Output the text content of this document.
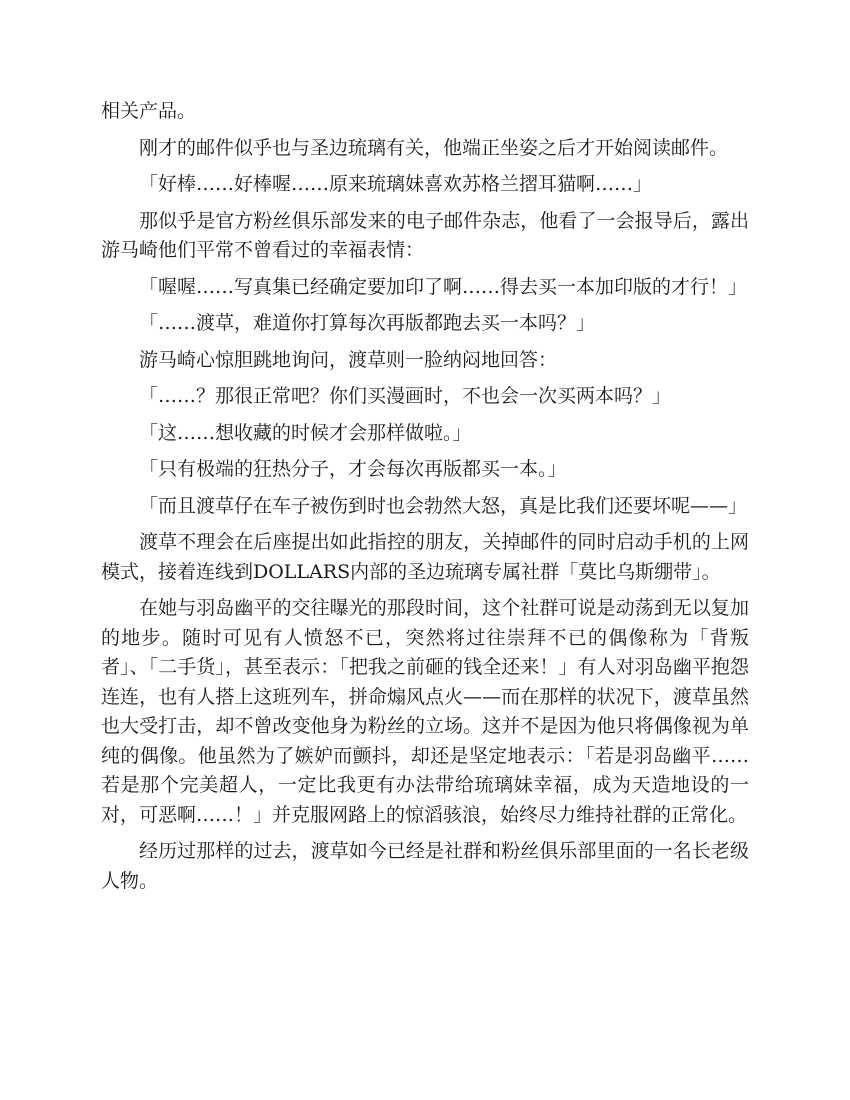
相关产品。

刚才的邮件似乎也与圣边琉璃有关，他端正坐姿之后才开始阅读邮件。

「好棒……好棒喔……原来琉璃妹喜欢苏格兰摺耳猫啊……」

那似乎是官方粉丝俱乐部发来的电子邮件杂志，他看了一会报导后，露出游马崎他们平常不曾看过的幸福表情：

「喔喔……写真集已经确定要加印了啊……得去买一本加印版的才行！」

「……渡草，难道你打算每次再版都跑去买一本吗？」

游马崎心惊胆跳地询问，渡草则一脸纳闷地回答：

「……？那很正常吧？你们买漫画时，不也会一次买两本吗？」

「这……想收藏的时候才会那样做啦。」

「只有极端的狂热分子，才会每次再版都买一本。」

「而且渡草仔在车子被伤到时也会勃然大怒，真是比我们还要坏呢——」

渡草不理会在后座提出如此指控的朋友，关掉邮件的同时启动手机的上网模式，接着连线到DOLLARS内部的圣边琉璃专属社群「莫比乌斯绷带」。

在她与羽岛幽平的交往曝光的那段时间，这个社群可说是动荡到无以复加的地步。随时可见有人愤怒不已，突然将过往崇拜不已的偶像称为「背叛者」、「二手货」，甚至表示：「把我之前砸的钱全还来！」有人对羽岛幽平抱怨连连，也有人搭上这班列车，拼命煽风点火——而在那样的状况下，渡草虽然也大受打击，却不曾改变他身为粉丝的立场。这并不是因为他只将偶像视为单纯的偶像。他虽然为了嫉妒而颤抖，却还是坚定地表示：「若是羽岛幽平……若是那个完美超人，一定比我更有办法带给琉璃妹幸福，成为天造地设的一对，可恶啊……！」并克服网路上的惊滔骇浪，始终尽力维持社群的正常化。

经历过那样的过去，渡草如今已经是社群和粉丝俱乐部里面的一名长老级人物。
